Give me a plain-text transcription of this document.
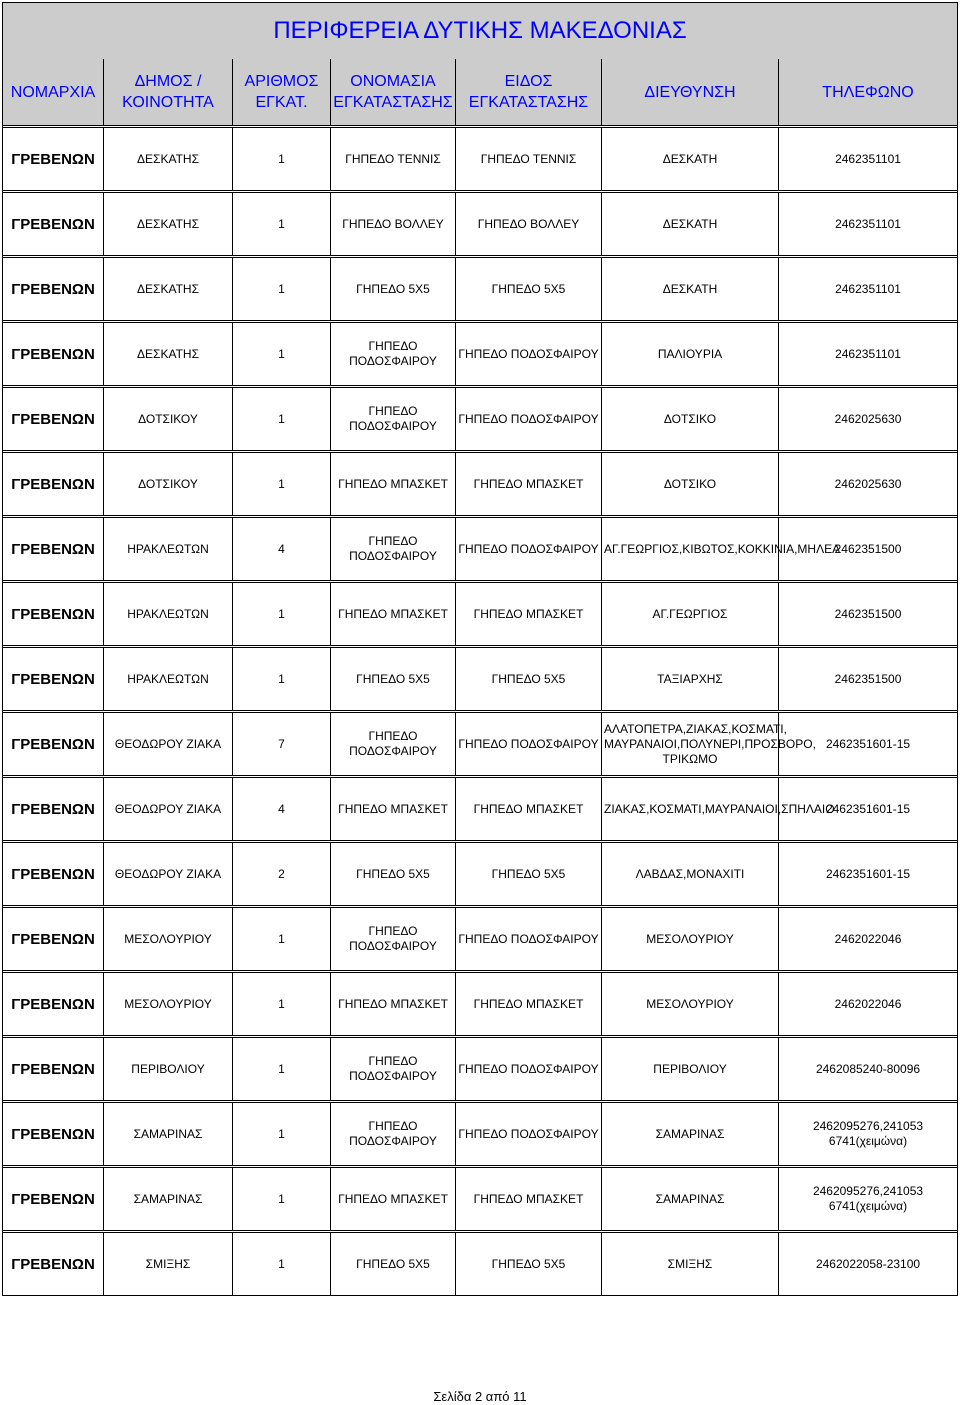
ΠΕΡΙΦΕΡΕΙΑ ΔΥΤΙΚΗΣ ΜΑΚΕΔΟΝΙΑΣ						
ΝΟΜΑΡΧΙΑ	ΔΗΜΟΣ / ΚΟΙΝΟΤΗΤΑ	ΑΡΙΘΜΟΣ ΕΓΚΑΤ.	ΟΝΟΜΑΣΙΑ ΕΓΚΑΤΑΣΤΑΣΗΣ	ΕΙΔΟΣ ΕΓΚΑΤΑΣΤΑΣΗΣ	ΔΙΕΥΘΥΝΣΗ	ΤΗΛΕΦΩΝΟ

ΓΡΕΒΕΝΩΝ	ΔΕΣΚΑΤΗΣ	1	ΓΗΠΕΔΟ ΤΕΝΝΙΣ	ΓΗΠΕΔΟ ΤΕΝΝΙΣ	ΔΕΣΚΑΤΗ	2462351101

ΓΡΕΒΕΝΩΝ	ΔΕΣΚΑΤΗΣ	1	ΓΗΠΕΔΟ ΒΟΛΛΕΥ	ΓΗΠΕΔΟ ΒΟΛΛΕΥ	ΔΕΣΚΑΤΗ	2462351101

ΓΡΕΒΕΝΩΝ	ΔΕΣΚΑΤΗΣ	1	ΓΗΠΕΔΟ 5Χ5	ΓΗΠΕΔΟ 5Χ5	ΔΕΣΚΑΤΗ	2462351101

ΓΡΕΒΕΝΩΝ	ΔΕΣΚΑΤΗΣ	1	ΓΗΠΕΔΟ ΠΟΔΟΣΦΑΙΡΟΥ	ΓΗΠΕΔΟ ΠΟΔΟΣΦΑΙΡΟΥ	ΠΑΛΙΟΥΡΙΑ	2462351101

ΓΡΕΒΕΝΩΝ	ΔΟΤΣΙΚΟΥ	1	ΓΗΠΕΔΟ ΠΟΔΟΣΦΑΙΡΟΥ	ΓΗΠΕΔΟ ΠΟΔΟΣΦΑΙΡΟΥ	ΔΟΤΣΙΚΟ	2462025630

ΓΡΕΒΕΝΩΝ	ΔΟΤΣΙΚΟΥ	1	ΓΗΠΕΔΟ ΜΠΑΣΚΕΤ	ΓΗΠΕΔΟ ΜΠΑΣΚΕΤ	ΔΟΤΣΙΚΟ	2462025630

ΓΡΕΒΕΝΩΝ	ΗΡΑΚΛΕΩΤΩΝ	4	ΓΗΠΕΔΟ ΠΟΔΟΣΦΑΙΡΟΥ	ΓΗΠΕΔΟ ΠΟΔΟΣΦΑΙΡΟΥ	ΑΓ.ΓΕΩΡΓΙΟΣ,ΚΙΒΩΤΟΣ,ΚΟΚΚΙΝΙΑ,ΜΗΛΕΑ	2462351500

ΓΡΕΒΕΝΩΝ	ΗΡΑΚΛΕΩΤΩΝ	1	ΓΗΠΕΔΟ ΜΠΑΣΚΕΤ	ΓΗΠΕΔΟ ΜΠΑΣΚΕΤ	ΑΓ.ΓΕΩΡΓΙΟΣ	2462351500

ΓΡΕΒΕΝΩΝ	ΗΡΑΚΛΕΩΤΩΝ	1	ΓΗΠΕΔΟ 5Χ5	ΓΗΠΕΔΟ 5Χ5	ΤΑΞΙΑΡΧΗΣ	2462351500

ΓΡΕΒΕΝΩΝ	ΘΕΟΔΩΡΟΥ ΖΙΑΚΑ	7	ΓΗΠΕΔΟ ΠΟΔΟΣΦΑΙΡΟΥ	ΓΗΠΕΔΟ ΠΟΔΟΣΦΑΙΡΟΥ	ΑΛΑΤΟΠΕΤΡΑ,ΖΙΑΚΑΣ,ΚΟΣΜΑΤΙ, ΜΑΥΡΑΝΑΙΟΙ,ΠΟΛΥΝΕΡΙ,ΠΡΟΣΒΟΡΟ, ΤΡΙΚΩΜΟ	2462351601-15

ΓΡΕΒΕΝΩΝ	ΘΕΟΔΩΡΟΥ ΖΙΑΚΑ	4	ΓΗΠΕΔΟ ΜΠΑΣΚΕΤ	ΓΗΠΕΔΟ ΜΠΑΣΚΕΤ	ΖΙΑΚΑΣ,ΚΟΣΜΑΤΙ,ΜΑΥΡΑΝΑΙΟΙ,ΣΠΗΛΑΙΟ	2462351601-15

ΓΡΕΒΕΝΩΝ	ΘΕΟΔΩΡΟΥ ΖΙΑΚΑ	2	ΓΗΠΕΔΟ 5Χ5	ΓΗΠΕΔΟ 5Χ5	ΛΑΒΔΑΣ,ΜΟΝΑΧΙΤΙ	2462351601-15

ΓΡΕΒΕΝΩΝ	ΜΕΣΟΛΟΥΡΙΟΥ	1	ΓΗΠΕΔΟ ΠΟΔΟΣΦΑΙΡΟΥ	ΓΗΠΕΔΟ ΠΟΔΟΣΦΑΙΡΟΥ	ΜΕΣΟΛΟΥΡΙΟΥ	2462022046

ΓΡΕΒΕΝΩΝ	ΜΕΣΟΛΟΥΡΙΟΥ	1	ΓΗΠΕΔΟ ΜΠΑΣΚΕΤ	ΓΗΠΕΔΟ ΜΠΑΣΚΕΤ	ΜΕΣΟΛΟΥΡΙΟΥ	2462022046

ΓΡΕΒΕΝΩΝ	ΠΕΡΙΒΟΛΙΟΥ	1	ΓΗΠΕΔΟ ΠΟΔΟΣΦΑΙΡΟΥ	ΓΗΠΕΔΟ ΠΟΔΟΣΦΑΙΡΟΥ	ΠΕΡΙΒΟΛΙΟΥ	2462085240-80096

ΓΡΕΒΕΝΩΝ	ΣΑΜΑΡΙΝΑΣ	1	ΓΗΠΕΔΟ ΠΟΔΟΣΦΑΙΡΟΥ	ΓΗΠΕΔΟ ΠΟΔΟΣΦΑΙΡΟΥ	ΣΑΜΑΡΙΝΑΣ	2462095276,241053 6741(χειμώνα)

ΓΡΕΒΕΝΩΝ	ΣΑΜΑΡΙΝΑΣ	1	ΓΗΠΕΔΟ ΜΠΑΣΚΕΤ	ΓΗΠΕΔΟ ΜΠΑΣΚΕΤ	ΣΑΜΑΡΙΝΑΣ	2462095276,241053 6741(χειμώνα)

ΓΡΕΒΕΝΩΝ	ΣΜΙΞΗΣ	1	ΓΗΠΕΔΟ 5Χ5	ΓΗΠΕΔΟ 5Χ5	ΣΜΙΞΗΣ	2462022058-23100
Σελίδα 2 από 11
